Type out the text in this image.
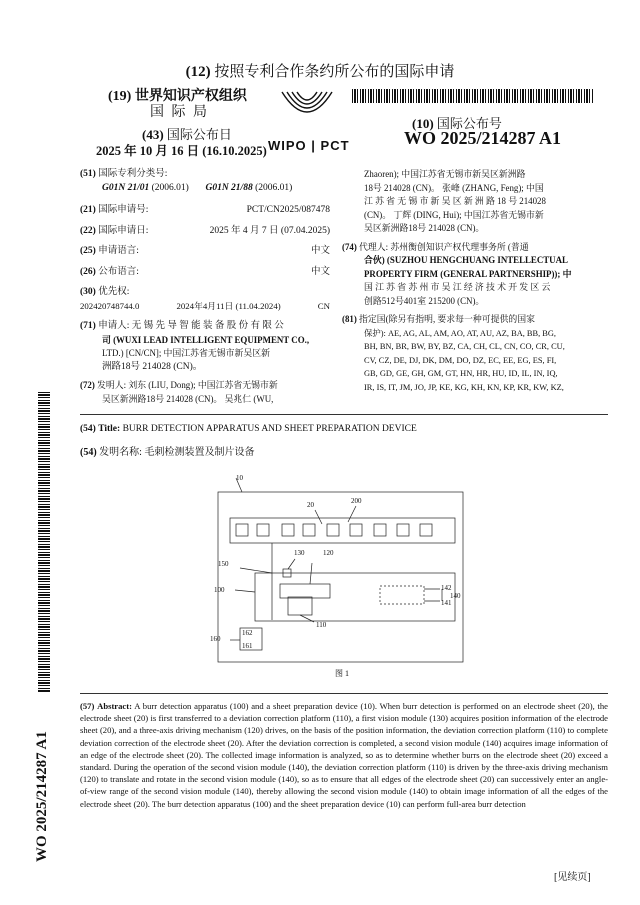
(12) 按照专利合作条约所公布的国际申请
(19) 世界知识产权组织
国 际 局
(43) 国际公布日
2025 年 10 月 16 日 (16.10.2025) WIPO | PCT
(10) 国际公布号
WO 2025/214287 A1
(51) 国际专利分类号:
G01N 21/01 (2006.01) G01N 21/88 (2006.01)
(21) 国际申请号:	PCT/CN2025/087478
(22) 国际申请日:	2025 年 4 月 7 日 (07.04.2025)
(25) 申请语言:	中文
(26) 公布语言:	中文
(30) 优先权:
202420748744.0	2024年4月11日 (11.04.2024)	CN
(71) 申请人: 无 锡 先 导 智 能 装 备 股 份 有 限 公
司 (WUXI LEAD INTELLIGENT EQUIPMENT CO.,
LTD.) [CN/CN]; 中国江苏省无锡市新吴区新
洲路18号 214028 (CN)。
(72) 发明人: 刘东 (LIU, Dong); 中国江苏省无锡市新
吴区新洲路18号 214028 (CN)。 吴兆仁 (WU,
Zhaoren); 中国江苏省无锡市新吴区新洲路
18号 214028 (CN)。 张峰 (ZHANG, Feng); 中国
江 苏 省 无 锡 市 新 吴 区 新 洲 路 18 号 214028
(CN)。 丁辉 (DING, Hui); 中国江苏省无锡市新
吴区新洲路18号 214028 (CN)。
(74) 代理人: 苏州衡创知识产权代理事务所 (普通
合伙) (SUZHOU HENGCHUANG INTELLECTUAL
PROPERTY FIRM (GENERAL PARTNERSHIP)); 中
国 江 苏 省 苏 州 市 吴 江 经 济 技 术 开 发 区 云
创路512号401室 215200 (CN)。
(81) 指定国(除另有指明, 要求每一种可提供的国家
保护): AE, AG, AL, AM, AO, AT, AU, AZ, BA, BB, BG,
BH, BN, BR, BW, BY, BZ, CA, CH, CL, CN, CO, CR, CU,
CV, CZ, DE, DJ, DK, DM, DO, DZ, EC, EE, EG, ES, FI,
GB, GD, GE, GH, GM, GT, HN, HR, HU, ID, IL, IN, IQ,
IR, IS, IT, JM, JO, JP, KE, KG, KH, KN, KP, KR, KW, KZ,
(54) Title: BURR DETECTION APPARATUS AND SHEET PREPARATION DEVICE
(54) 发明名称: 毛刺检测装置及制片设备
10
20	200
130	120
150
100	142
140
141
110
160
162
161
图 1
(57) Abstract: A burr detection apparatus (100) and a sheet preparation device (10). When burr detection is performed on an electrode sheet (20), the electrode sheet (20) is first transferred to a deviation correction platform (110), a first vision module (130) acquires position information of the electrode sheet (20), and a three-axis driving mechanism (120) drives, on the basis of the position information, the deviation correction platform (110) to complete deviation correction of the electrode sheet (20). After the deviation correction is completed, a second vision module (140) acquires image information of an edge of the electrode sheet (20). The collected image information is analyzed, so as to determine whether burrs on the electrode sheet (20) exceed a standard. During the operation of the second vision module (140), the deviation correction platform (110) is driven by the three-axis driving mechanism (120) to translate and rotate in the second vision module (140), so as to ensure that all edges of the electrode sheet (20) can successively enter an angle-of-view range of the second vision module (140), thereby allowing the second vision module (140) to obtain image information of all the edges of the electrode sheet (20). The burr detection apparatus (100) and the sheet preparation device (10) can perform full-area burr detection
WO 2025/214287 A1
[见续页]
